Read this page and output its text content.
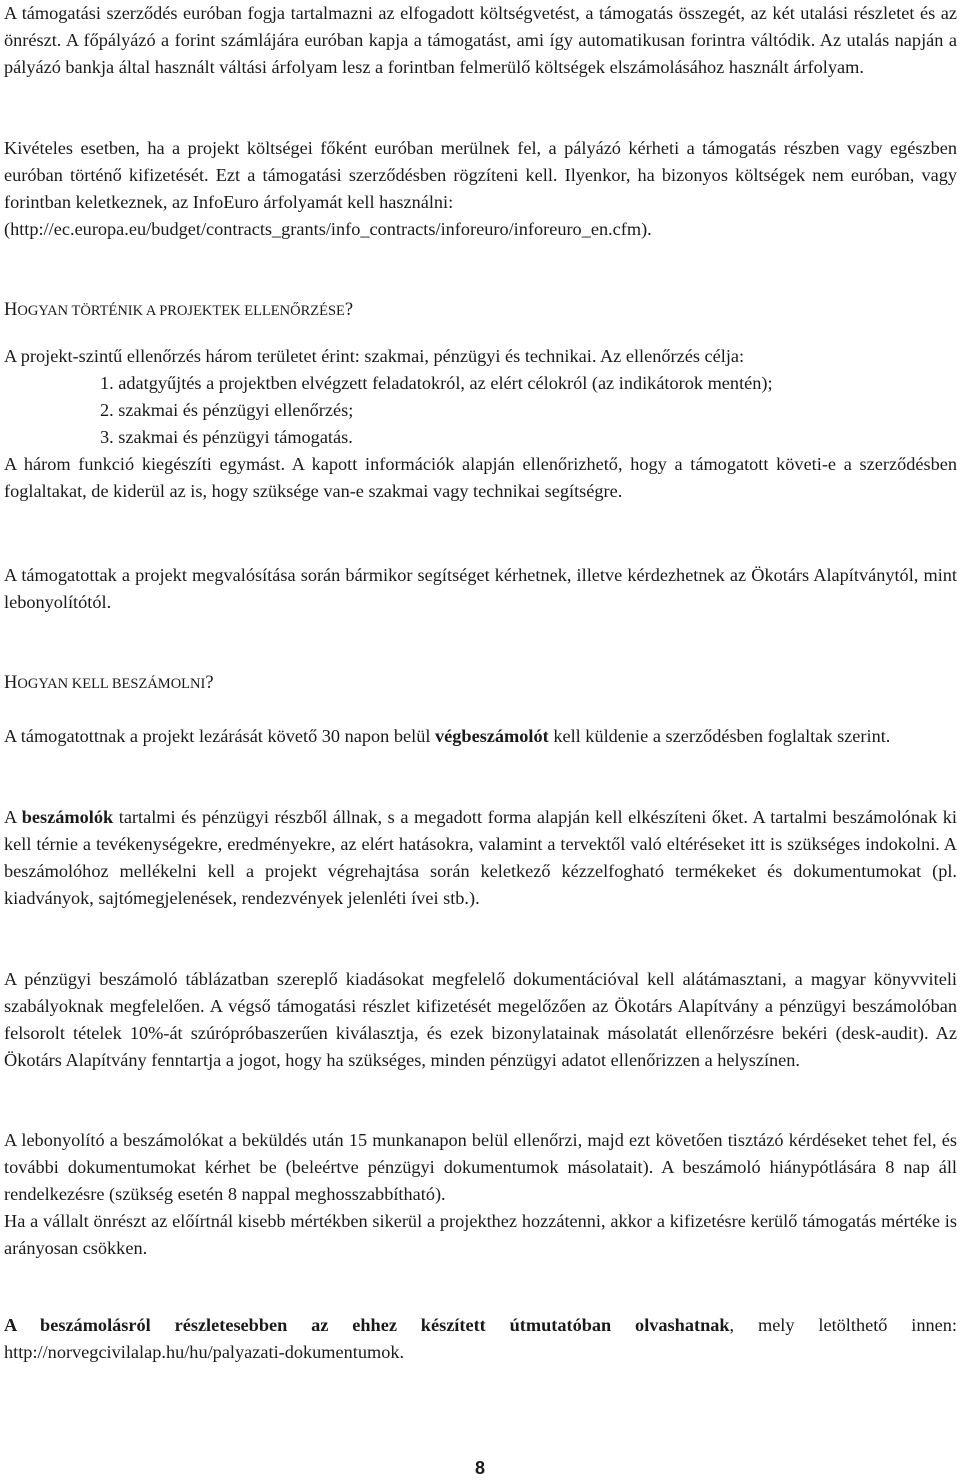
A támogatási szerződés euróban fogja tartalmazni az elfogadott költségvetést, a támogatás összegét, az két utalási részletet és az önrészt. A főpályázó a forint számlájára euróban kapja a támogatást, ami így automatikusan forintra váltódik. Az utalás napján a pályázó bankja által használt váltási árfolyam lesz a forintban felmerülő költségek elszámolásához használt árfolyam.

Kivételes esetben, ha a projekt költségei főként euróban merülnek fel, a pályázó kérheti a támogatás részben vagy egészben euróban történő kifizetését. Ezt a támogatási szerződésben rögzíteni kell. Ilyenkor, ha bizonyos költségek nem euróban, vagy forintban keletkeznek, az InfoEuro árfolyamát kell használni:

(http://ec.europa.eu/budget/contracts_grants/info_contracts/inforeuro/inforeuro_en.cfm).

HOGYAN TÖRTÉNIK A PROJEKTEK ELLENŐRZÉSE?

A projekt-szintű ellenőrzés három területet érint: szakmai, pénzügyi és technikai. Az ellenőrzés célja:

1. adatgyűjtés a projektben elvégzett feladatokról, az elért célokról (az indikátorok mentén);

2. szakmai és pénzügyi ellenőrzés;

3. szakmai és pénzügyi támogatás.

A három funkció kiegészíti egymást. A kapott információk alapján ellenőrizhető, hogy a támogatott követi-e a szerződésben foglaltakat, de kiderül az is, hogy szüksége van-e szakmai vagy technikai segítségre.

A támogatottak a projekt megvalósítása során bármikor segítséget kérhetnek, illetve kérdezhetnek az Ökotárs Alapítványtól, mint lebonyolítótól.

HOGYAN KELL BESZÁMOLNI?

A támogatottnak a projekt lezárását követő 30 napon belül végbeszámolót kell küldenie a szerződésben foglaltak szerint.

A beszámolók tartalmi és pénzügyi részből állnak, s a megadott forma alapján kell elkészíteni őket. A tartalmi beszámolónak ki kell térnie a tevékenységekre, eredményekre, az elért hatásokra, valamint a tervektől való eltéréseket itt is szükséges indokolni. A beszámolóhoz mellékelni kell a projekt végrehajtása során keletkező kézzelfogható termékeket és dokumentumokat (pl. kiadványok, sajtómegjelenések, rendezvények jelenléti ívei stb.).

A pénzügyi beszámoló táblázatban szereplő kiadásokat megfelelő dokumentációval kell alátámasztani, a magyar könyvviteli szabályoknak megfelelően. A végső támogatási részlet kifizetését megelőzően az Ökotárs Alapítvány a pénzügyi beszámolóban felsorolt tételek 10%-át szúrópróbaszerűen kiválasztja, és ezek bizonylatainak másolatát ellenőrzésre bekéri (desk-audit). Az Ökotárs Alapítvány fenntartja a jogot, hogy ha szükséges, minden pénzügyi adatot ellenőrizzen a helyszínen.

A lebonyolító a beszámolókat a beküldés után 15 munkanapon belül ellenőrzi, majd ezt követően tisztázó kérdéseket tehet fel, és további dokumentumokat kérhet be (beleértve pénzügyi dokumentumok másolatait). A beszámoló hiánypótlására 8 nap áll rendelkezésre (szükség esetén 8 nappal meghosszabbítható).

Ha a vállalt önrészt az előírtnál kisebb mértékben sikerül a projekthez hozzátenni, akkor a kifizetésre kerülő támogatás mértéke is arányosan csökken.

A beszámolásról részletesebben az ehhez készített útmutatóban olvashatnak, mely letölthető innen: http://norvegcivilalap.hu/hu/palyazati-dokumentumok.

8
